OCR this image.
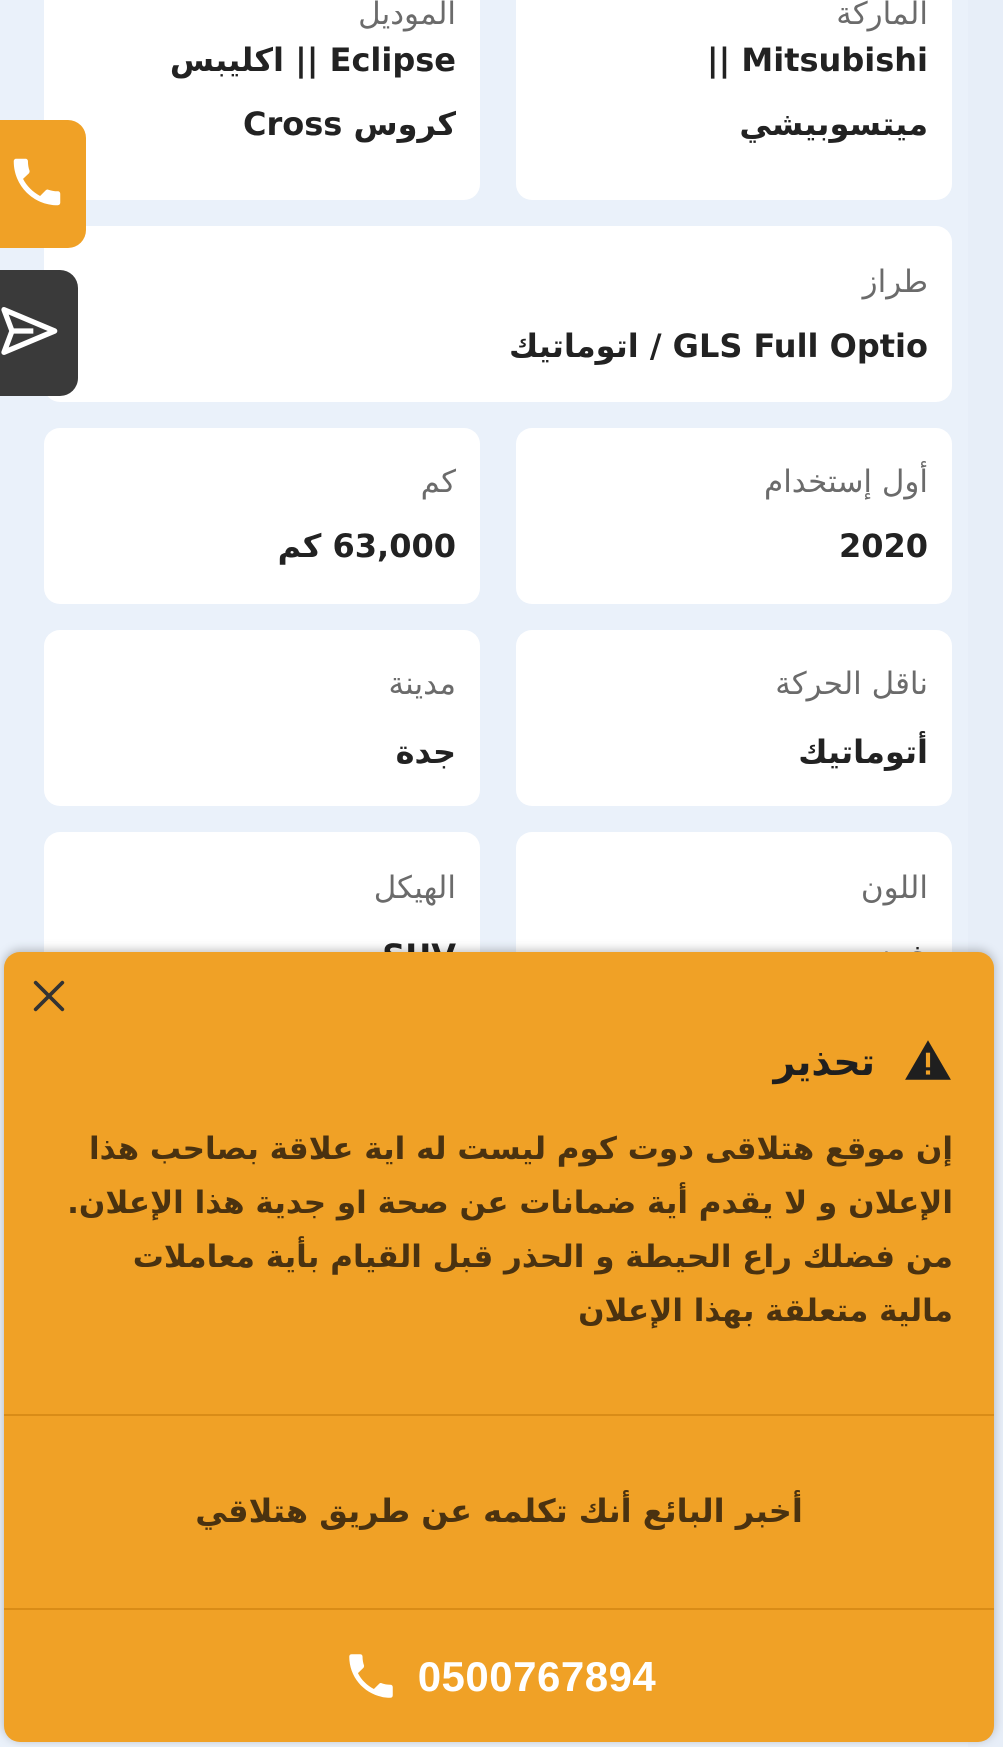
الماركة
Mitsubishi || ميتسوبيشي
الموديل
Eclipse || اكليبس كروس Cross
طراز
GLS Full Optio / اتوماتيك
أول إستخدام
2020
كم
63,000 كم
ناقل الحركة
أتوماتيك
مدينة
جدة
اللون
الهيكل
تحذير
إن موقع هتلاقى دوت كوم ليست له اية علاقة بصاحب هذا الإعلان و لا يقدم أية ضمانات عن صحة او جدية هذا الإعلان. من فضلك راع الحيطة و الحذر قبل القيام بأية معاملات مالية متعلقة بهذا الإعلان
أخبر البائع أنك تكلمه عن طريق هتلاقي
0500767894
